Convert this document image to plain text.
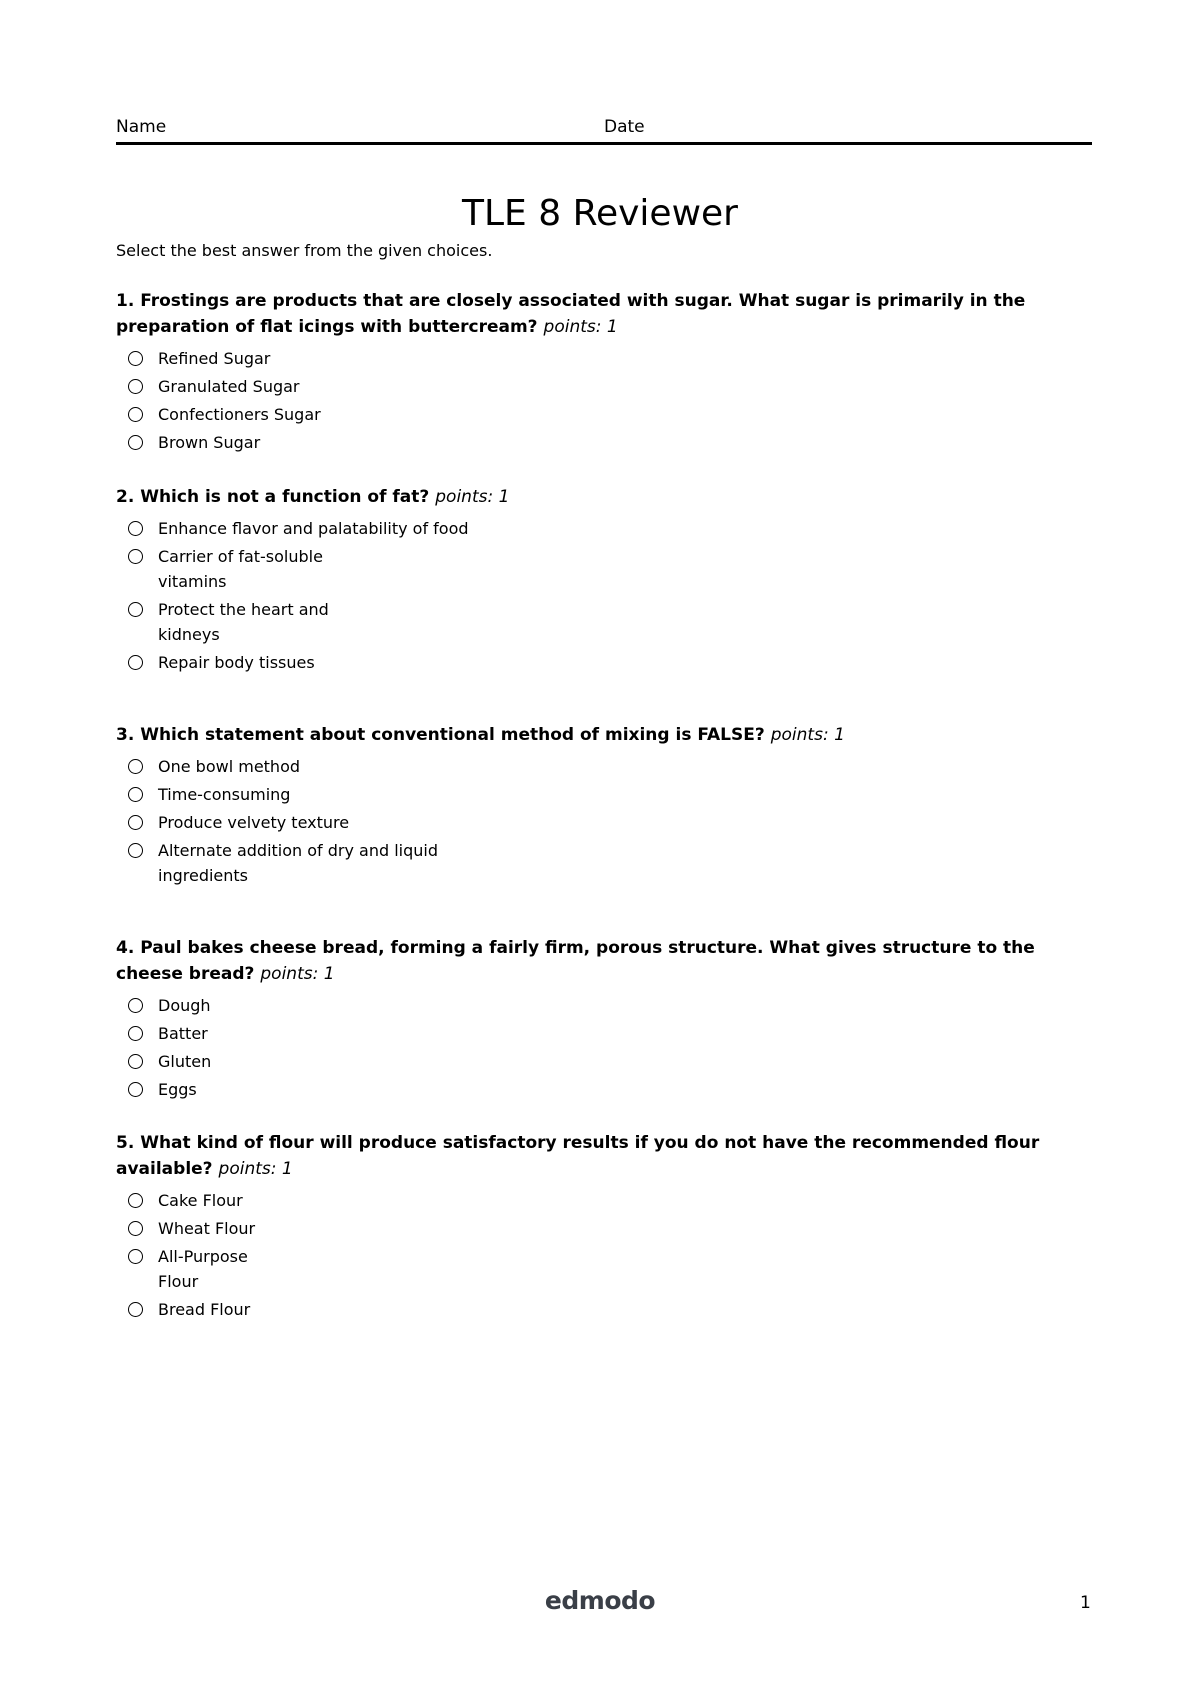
Name	Date
TLE 8 Reviewer
Select the best answer from the given choices.

1. Frostings are products that are closely associated with sugar. What sugar is primarily in the preparation of flat icings with buttercream? points: 1

Refined Sugar
Granulated Sugar
Confectioners Sugar
Brown Sugar

2. Which is not a function of fat? points: 1

Enhance flavor and palatability of food
Carrier of fat-soluble vitamins
Protect the heart and kidneys
Repair body tissues

3. Which statement about conventional method of mixing is FALSE? points: 1

One bowl method
Time-consuming
Produce velvety texture
Alternate addition of dry and liquid ingredients

4. Paul bakes cheese bread, forming a fairly firm, porous structure. What gives structure to the cheese bread? points: 1

Dough
Batter
Gluten
Eggs

5. What kind of flour will produce satisfactory results if you do not have the recommended flour available? points: 1

Cake Flour
Wheat Flour
All-Purpose Flour
Bread Flour
edmodo	1
